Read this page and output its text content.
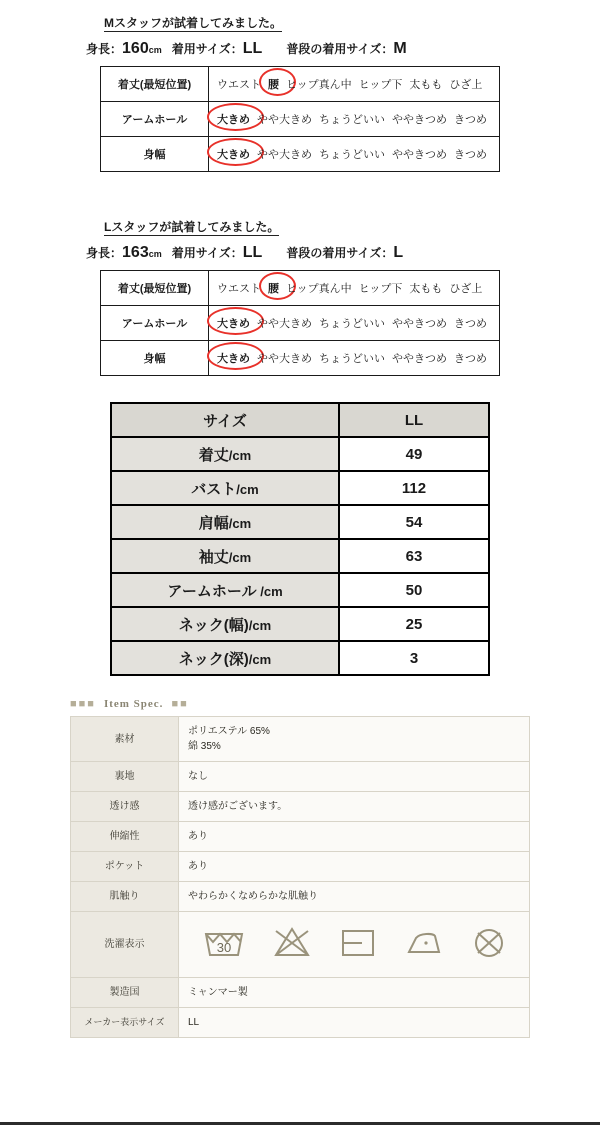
Mスタッフが試着してみました。
身長：160cm 着用サイズ：LL 普段の着用サイズ：M
着丈(最短位置)	ウエスト 腰 ヒップ真ん中 ヒップ下 太もも ひざ上
アームホール	大きめ やや大きめ ちょうどいい ややきつめ きつめ
身幅	大きめ やや大きめ ちょうどいい ややきつめ きつめ
Lスタッフが試着してみました。
身長：163cm 着用サイズ：LL 普段の着用サイズ：L
着丈(最短位置)	ウエスト 腰 ヒップ真ん中 ヒップ下 太もも ひざ上
アームホール	大きめ やや大きめ ちょうどいい ややきつめ きつめ
身幅	大きめ やや大きめ ちょうどいい ややきつめ きつめ
サイズ	LL
着丈/cm	49
バスト/cm	112
肩幅/cm	54
袖丈/cm	63
アームホール /cm	50
ネック(幅)/cm	25
ネック(深)/cm	3
■■■ Item Spec. ■■
素材	ポリエステル 65%
綿 35%
裏地	なし
透け感	透け感がございます。
伸縮性	あり
ポケット	あり
肌触り	やわらかくなめらかな肌触り
洗濯表示	30

製造国	ミャンマー製
メーカー表示サイズ	LL
